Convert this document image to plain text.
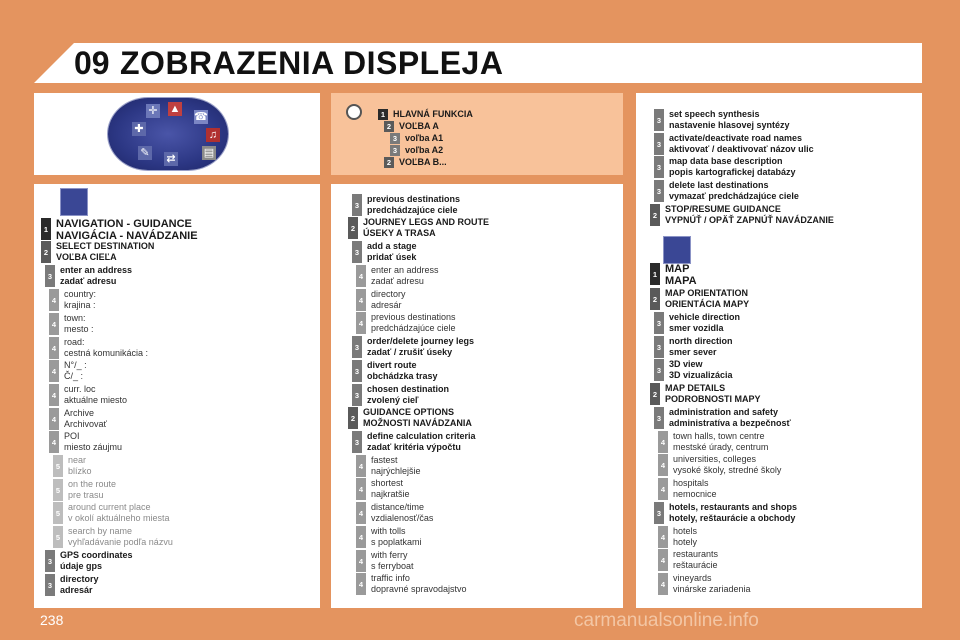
09 ZOBRAZENIA DISPLEJA
✛ ▲
☎
♫
▤
✚
✎ ⇄
1 HLAVNÁ FUNKCIA
2 VOĽBA A
3 voľba A1
3 voľba A2
2 VOĽBA B...
1 NAVIGATION - GUIDANCE
NAVIGÁCIA - NAVÁDZANIE
2
SELECT DESTINATION
VOĽBA CIEĽA
3
enter an address
zadať adresu
4
country:
krajina :
4
town:
mesto :
4
road:
cestná komunikácia :
4
N°/_ :
Č/_ :
4
curr. loc
aktuálne miesto
4
Archive
Archivovať
4
POI
miesto záujmu
5
near
blízko
5
on the route
pre trasu
5
around current place
v okolí aktuálneho miesta
5
search by name
vyhľadávanie podľa názvu
3
GPS coordinates
údaje gps
3
directory
adresár
3
previous destinations
predchádzajúce ciele
2
JOURNEY LEGS AND ROUTE
ÚSEKY A TRASA
3
add a stage
pridať úsek
4
enter an address
zadať adresu
4
directory
adresár
4
previous destinations
predchádzajúce ciele
3
order/delete journey legs
zadať / zrušiť úseky
3
divert route
obchádzka trasy
3
chosen destination
zvolený cieľ
2
GUIDANCE OPTIONS
MOŽNOSTI NAVÁDZANIA
3
define calculation criteria
zadať kritéria výpočtu
4
fastest
najrýchlejšie
4
shortest
najkratšie
4
distance/time
vzdialenosť/čas
4
with tolls
s poplatkami
4
with ferry
s ferryboat
4
traffic info
dopravné spravodajstvo
3
set speech synthesis
nastavenie hlasovej syntézy
3
activate/deactivate road names
aktivovať / deaktivovať názov ulic
3
map data base description
popis kartografickej databázy
3
delete last destinations
vymazať predchádzajúce ciele
2
STOP/RESUME GUIDANCE
VYPNÚŤ / OPÄŤ ZAPNÚŤ NAVÁDZANIE
1 MAP
MAPA
2
MAP ORIENTATION
ORIENTÁCIA MAPY
3
vehicle direction
smer vozidla
3
north direction
smer sever
3
3D view
3D vizualizácia
2
MAP DETAILS
PODROBNOSTI MAPY
3
administration and safety
administratíva a bezpečnosť
4
town halls, town centre
mestské úrady, centrum
4
universities, colleges
vysoké školy, stredné školy
4
hospitals
nemocnice
3
hotels, restaurants and shops
hotely, reštaurácie a obchody
4
hotels
hotely
4
restaurants
reštaurácie
4
vineyards
vinárske zariadenia
238	carmanualsonline.info
